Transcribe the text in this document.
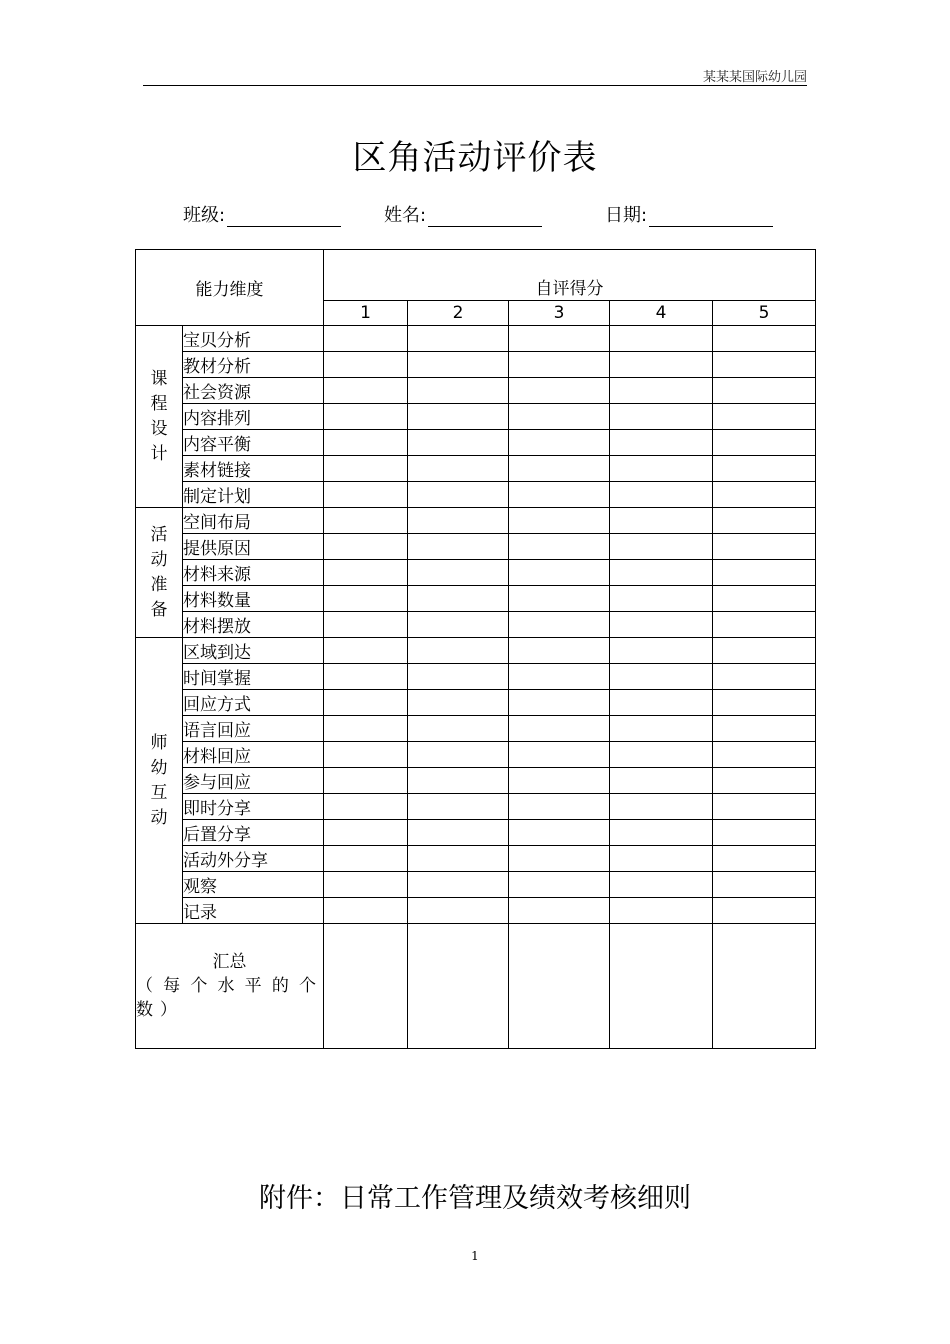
某某某国际幼儿园
区角活动评价表
班级:	姓名:	日期:
能力维度		自评得分				
		1	2	3	4	5
课程设计	宝贝分析					
	教材分析					
	社会资源					
	内容排列					
	内容平衡					
	素材链接					
	制定计划					
活动准备	空间布局					
	提供原因					
	材料来源					
	材料数量					
	材料摆放					
师幼互动	区域到达					
	时间掌握					
	回应方式					
	语言回应					
	材料回应					
	参与回应					
	即时分享					
	后置分享					
	活动外分享					
	观察					
	记录					

汇总
（每个水平的个数）						

附件：日常工作管理及绩效考核细则
1
